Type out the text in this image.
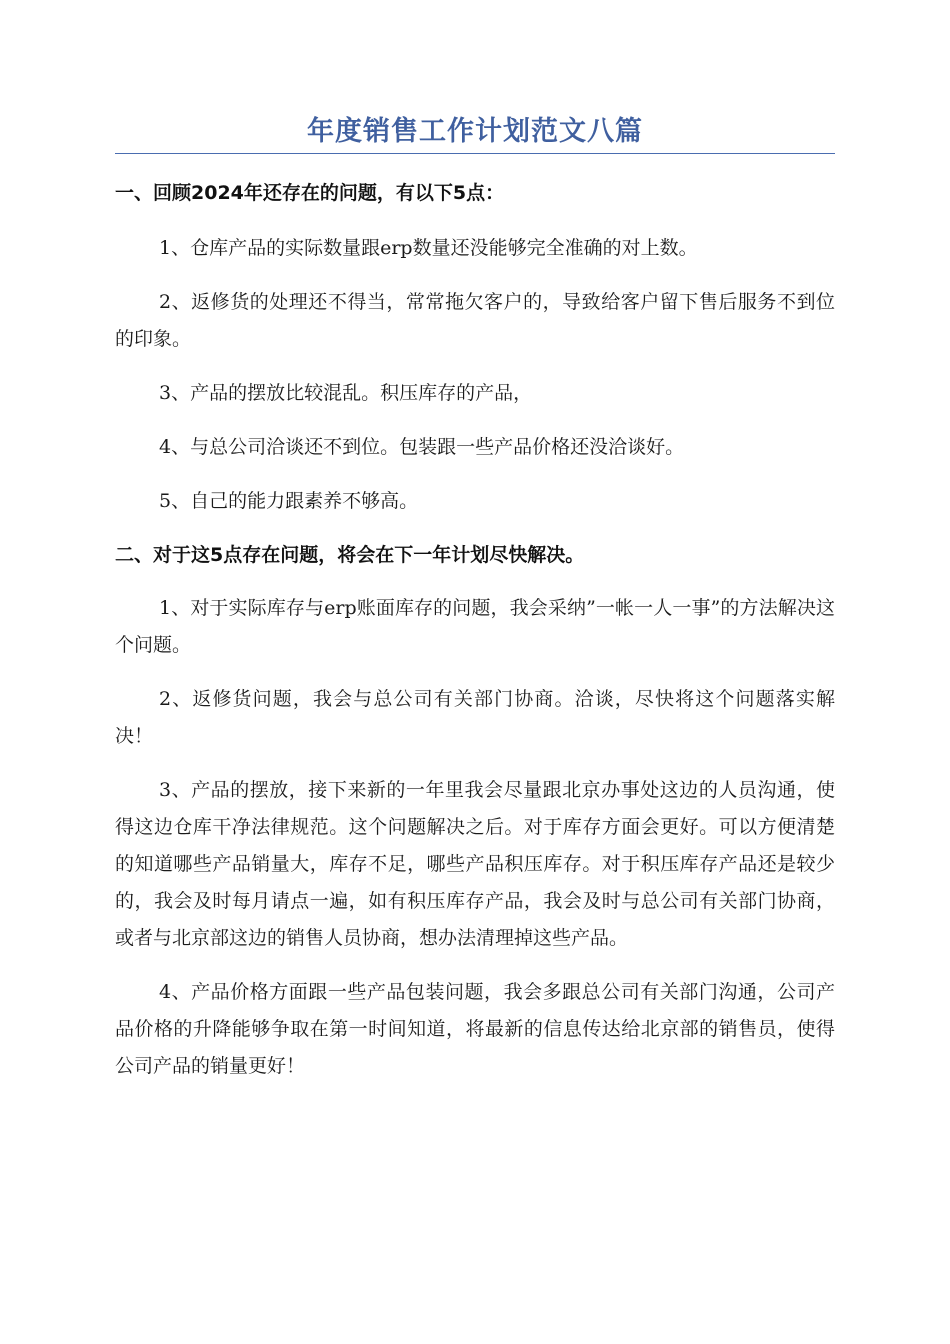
年度销售工作计划范文八篇
一、回顾2024年还存在的问题，有以下5点：

1、仓库产品的实际数量跟erp数量还没能够完全准确的对上数。

2、返修货的处理还不得当，常常拖欠客户的，导致给客户留下售后服务不到位的印象。

3、产品的摆放比较混乱。积压库存的产品，

4、与总公司洽谈还不到位。包装跟一些产品价格还没洽谈好。

5、自己的能力跟素养不够高。

二、对于这5点存在问题，将会在下一年计划尽快解决。

1、对于实际库存与erp账面库存的问题，我会采纳”一帐一人一事”的方法解决这个问题。

2、返修货问题，我会与总公司有关部门协商。洽谈，尽快将这个问题落实解决！

3、产品的摆放，接下来新的一年里我会尽量跟北京办事处这边的人员沟通，使得这边仓库干净法律规范。这个问题解决之后。对于库存方面会更好。可以方便清楚的知道哪些产品销量大，库存不足，哪些产品积压库存。对于积压库存产品还是较少的，我会及时每月请点一遍，如有积压库存产品，我会及时与总公司有关部门协商，或者与北京部这边的销售人员协商，想办法清理掉这些产品。

4、产品价格方面跟一些产品包装问题，我会多跟总公司有关部门沟通，公司产品价格的升降能够争取在第一时间知道，将最新的信息传达给北京部的销售员，使得公司产品的销量更好！
